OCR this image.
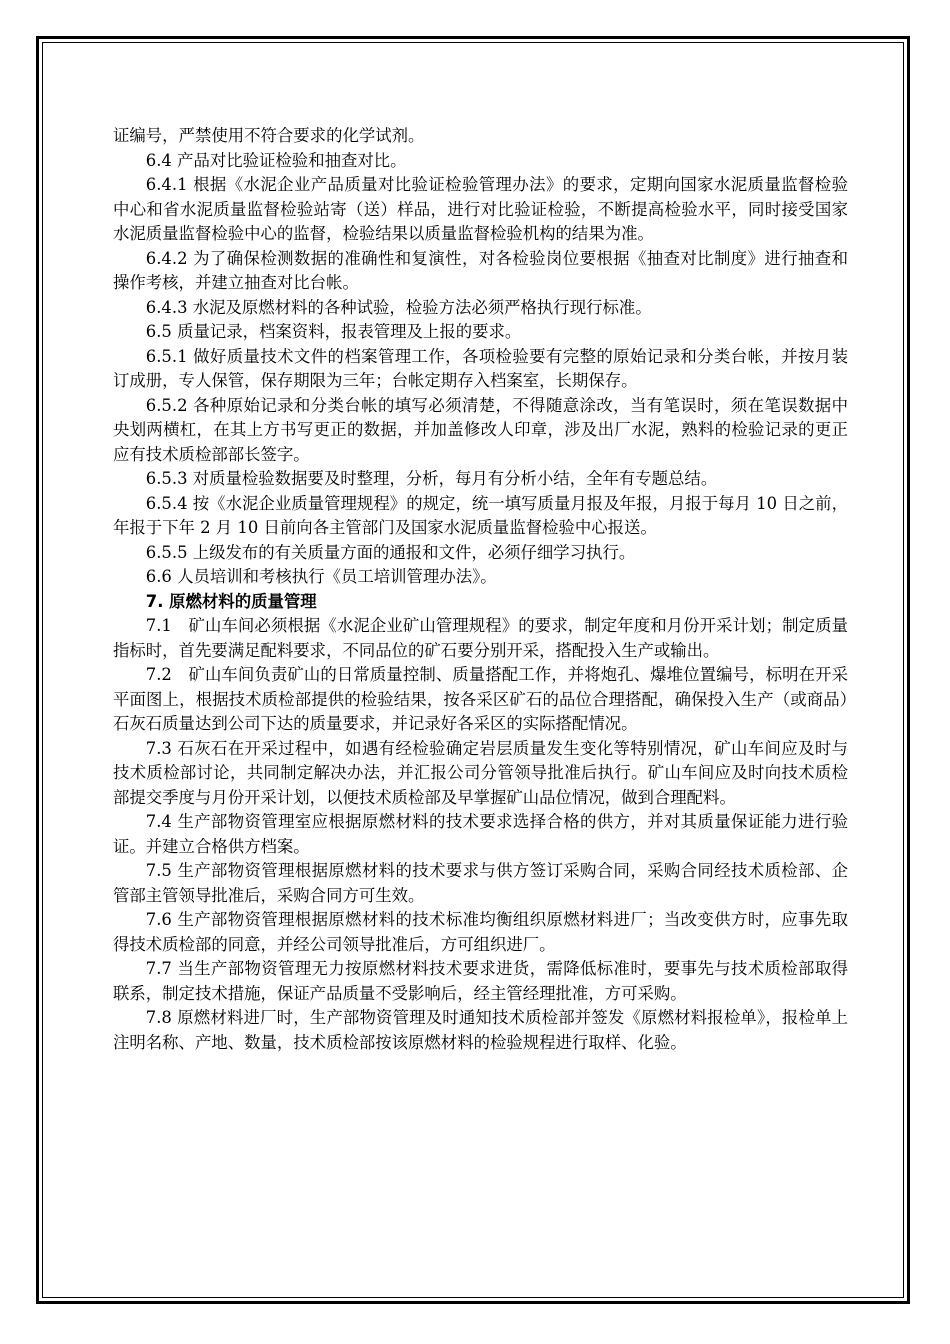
证编号，严禁使用不符合要求的化学试剂。

6.4 产品对比验证检验和抽查对比。

6.4.1 根据《水泥企业产品质量对比验证检验管理办法》的要求，定期向国家水泥质量监督检验中心和省水泥质量监督检验站寄（送）样品，进行对比验证检验，不断提高检验水平，同时接受国家水泥质量监督检验中心的监督，检验结果以质量监督检验机构的结果为准。

6.4.2 为了确保检测数据的准确性和复演性，对各检验岗位要根据《抽查对比制度》进行抽查和操作考核，并建立抽查对比台帐。

6.4.3 水泥及原燃材料的各种试验，检验方法必须严格执行现行标准。

6.5 质量记录，档案资料，报表管理及上报的要求。

6.5.1 做好质量技术文件的档案管理工作，各项检验要有完整的原始记录和分类台帐，并按月装订成册，专人保管，保存期限为三年；台帐定期存入档案室，长期保存。

6.5.2 各种原始记录和分类台帐的填写必须清楚，不得随意涂改，当有笔误时，须在笔误数据中央划两横杠，在其上方书写更正的数据，并加盖修改人印章，涉及出厂水泥，熟料的检验记录的更正应有技术质检部部长签字。

6.5.3 对质量检验数据要及时整理，分析，每月有分析小结，全年有专题总结。

6.5.4 按《水泥企业质量管理规程》的规定，统一填写质量月报及年报，月报于每月 10 日之前，年报于下年 2 月 10 日前向各主管部门及国家水泥质量监督检验中心报送。

6.5.5 上级发布的有关质量方面的通报和文件，必须仔细学习执行。

6.6 人员培训和考核执行《员工培训管理办法》。

7. 原燃材料的质量管理

7.1　矿山车间必须根据《水泥企业矿山管理规程》的要求，制定年度和月份开采计划；制定质量指标时，首先要满足配料要求，不同品位的矿石要分别开采，搭配投入生产或输出。

7.2　矿山车间负责矿山的日常质量控制、质量搭配工作，并将炮孔、爆堆位置编号，标明在开采平面图上，根据技术质检部提供的检验结果，按各采区矿石的品位合理搭配，确保投入生产（或商品）石灰石质量达到公司下达的质量要求，并记录好各采区的实际搭配情况。

7.3 石灰石在开采过程中，如遇有经检验确定岩层质量发生变化等特别情况，矿山车间应及时与技术质检部讨论，共同制定解决办法，并汇报公司分管领导批准后执行。矿山车间应及时向技术质检部提交季度与月份开采计划，以便技术质检部及早掌握矿山品位情况，做到合理配料。

7.4 生产部物资管理室应根据原燃材料的技术要求选择合格的供方，并对其质量保证能力进行验证。并建立合格供方档案。

7.5 生产部物资管理根据原燃材料的技术要求与供方签订采购合同，采购合同经技术质检部、企管部主管领导批准后，采购合同方可生效。

7.6 生产部物资管理根据原燃材料的技术标准均衡组织原燃材料进厂；当改变供方时，应事先取得技术质检部的同意，并经公司领导批准后，方可组织进厂。

7.7 当生产部物资管理无力按原燃材料技术要求进货，需降低标准时，要事先与技术质检部取得联系，制定技术措施，保证产品质量不受影响后，经主管经理批准，方可采购。

7.8 原燃材料进厂时，生产部物资管理及时通知技术质检部并签发《原燃材料报检单》，报检单上注明名称、产地、数量，技术质检部按该原燃材料的检验规程进行取样、化验。
